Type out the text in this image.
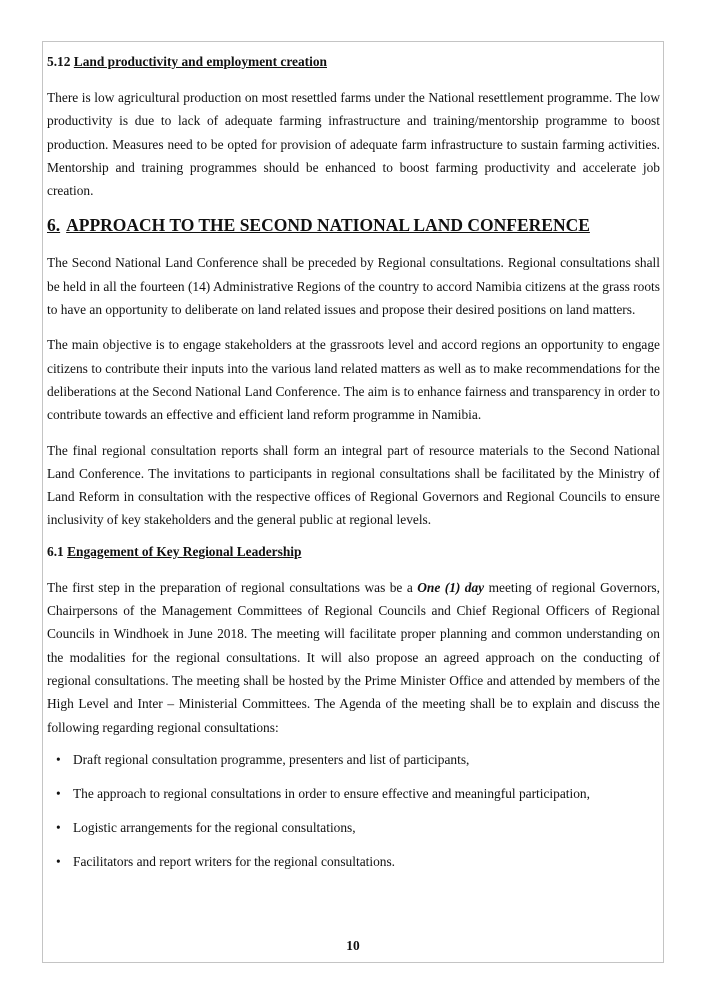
5.12 Land productivity and employment creation

There is low agricultural production on most resettled farms under the National resettlement programme. The low productivity is due to lack of adequate farming infrastructure and training/mentorship programme to boost production. Measures need to be opted for provision of adequate farm infrastructure to sustain farming activities. Mentorship and training programmes should be enhanced to boost farming productivity and accelerate job creation.

6. APPROACH TO THE SECOND NATIONAL LAND CONFERENCE

The Second National Land Conference shall be preceded by Regional consultations. Regional consultations shall be held in all the fourteen (14) Administrative Regions of the country to accord Namibia citizens at the grass roots to have an opportunity to deliberate on land related issues and propose their desired positions on land matters.

The main objective is to engage stakeholders at the grassroots level and accord regions an opportunity to engage citizens to contribute their inputs into the various land related matters as well as to make recommendations for the deliberations at the Second National Land Conference. The aim is to enhance fairness and transparency in order to contribute towards an effective and efficient land reform programme in Namibia.

The final regional consultation reports shall form an integral part of resource materials to the Second National Land Conference. The invitations to participants in regional consultations shall be facilitated by the Ministry of Land Reform in consultation with the respective offices of Regional Governors and Regional Councils to ensure inclusivity of key stakeholders and the general public at regional levels.

6.1 Engagement of Key Regional Leadership

The first step in the preparation of regional consultations was be a One (1) day meeting of regional Governors, Chairpersons of the Management Committees of Regional Councils and Chief Regional Officers of Regional Councils in Windhoek in June 2018. The meeting will facilitate proper planning and common understanding on the modalities for the regional consultations. It will also propose an agreed approach on the conducting of regional consultations. The meeting shall be hosted by the Prime Minister Office and attended by members of the High Level and Inter – Ministerial Committees. The Agenda of the meeting shall be to explain and discuss the following regarding regional consultations:

• Draft regional consultation programme, presenters and list of participants,
• The approach to regional consultations in order to ensure effective and meaningful participation,
• Logistic arrangements for the regional consultations,
• Facilitators and report writers for the regional consultations.
10
